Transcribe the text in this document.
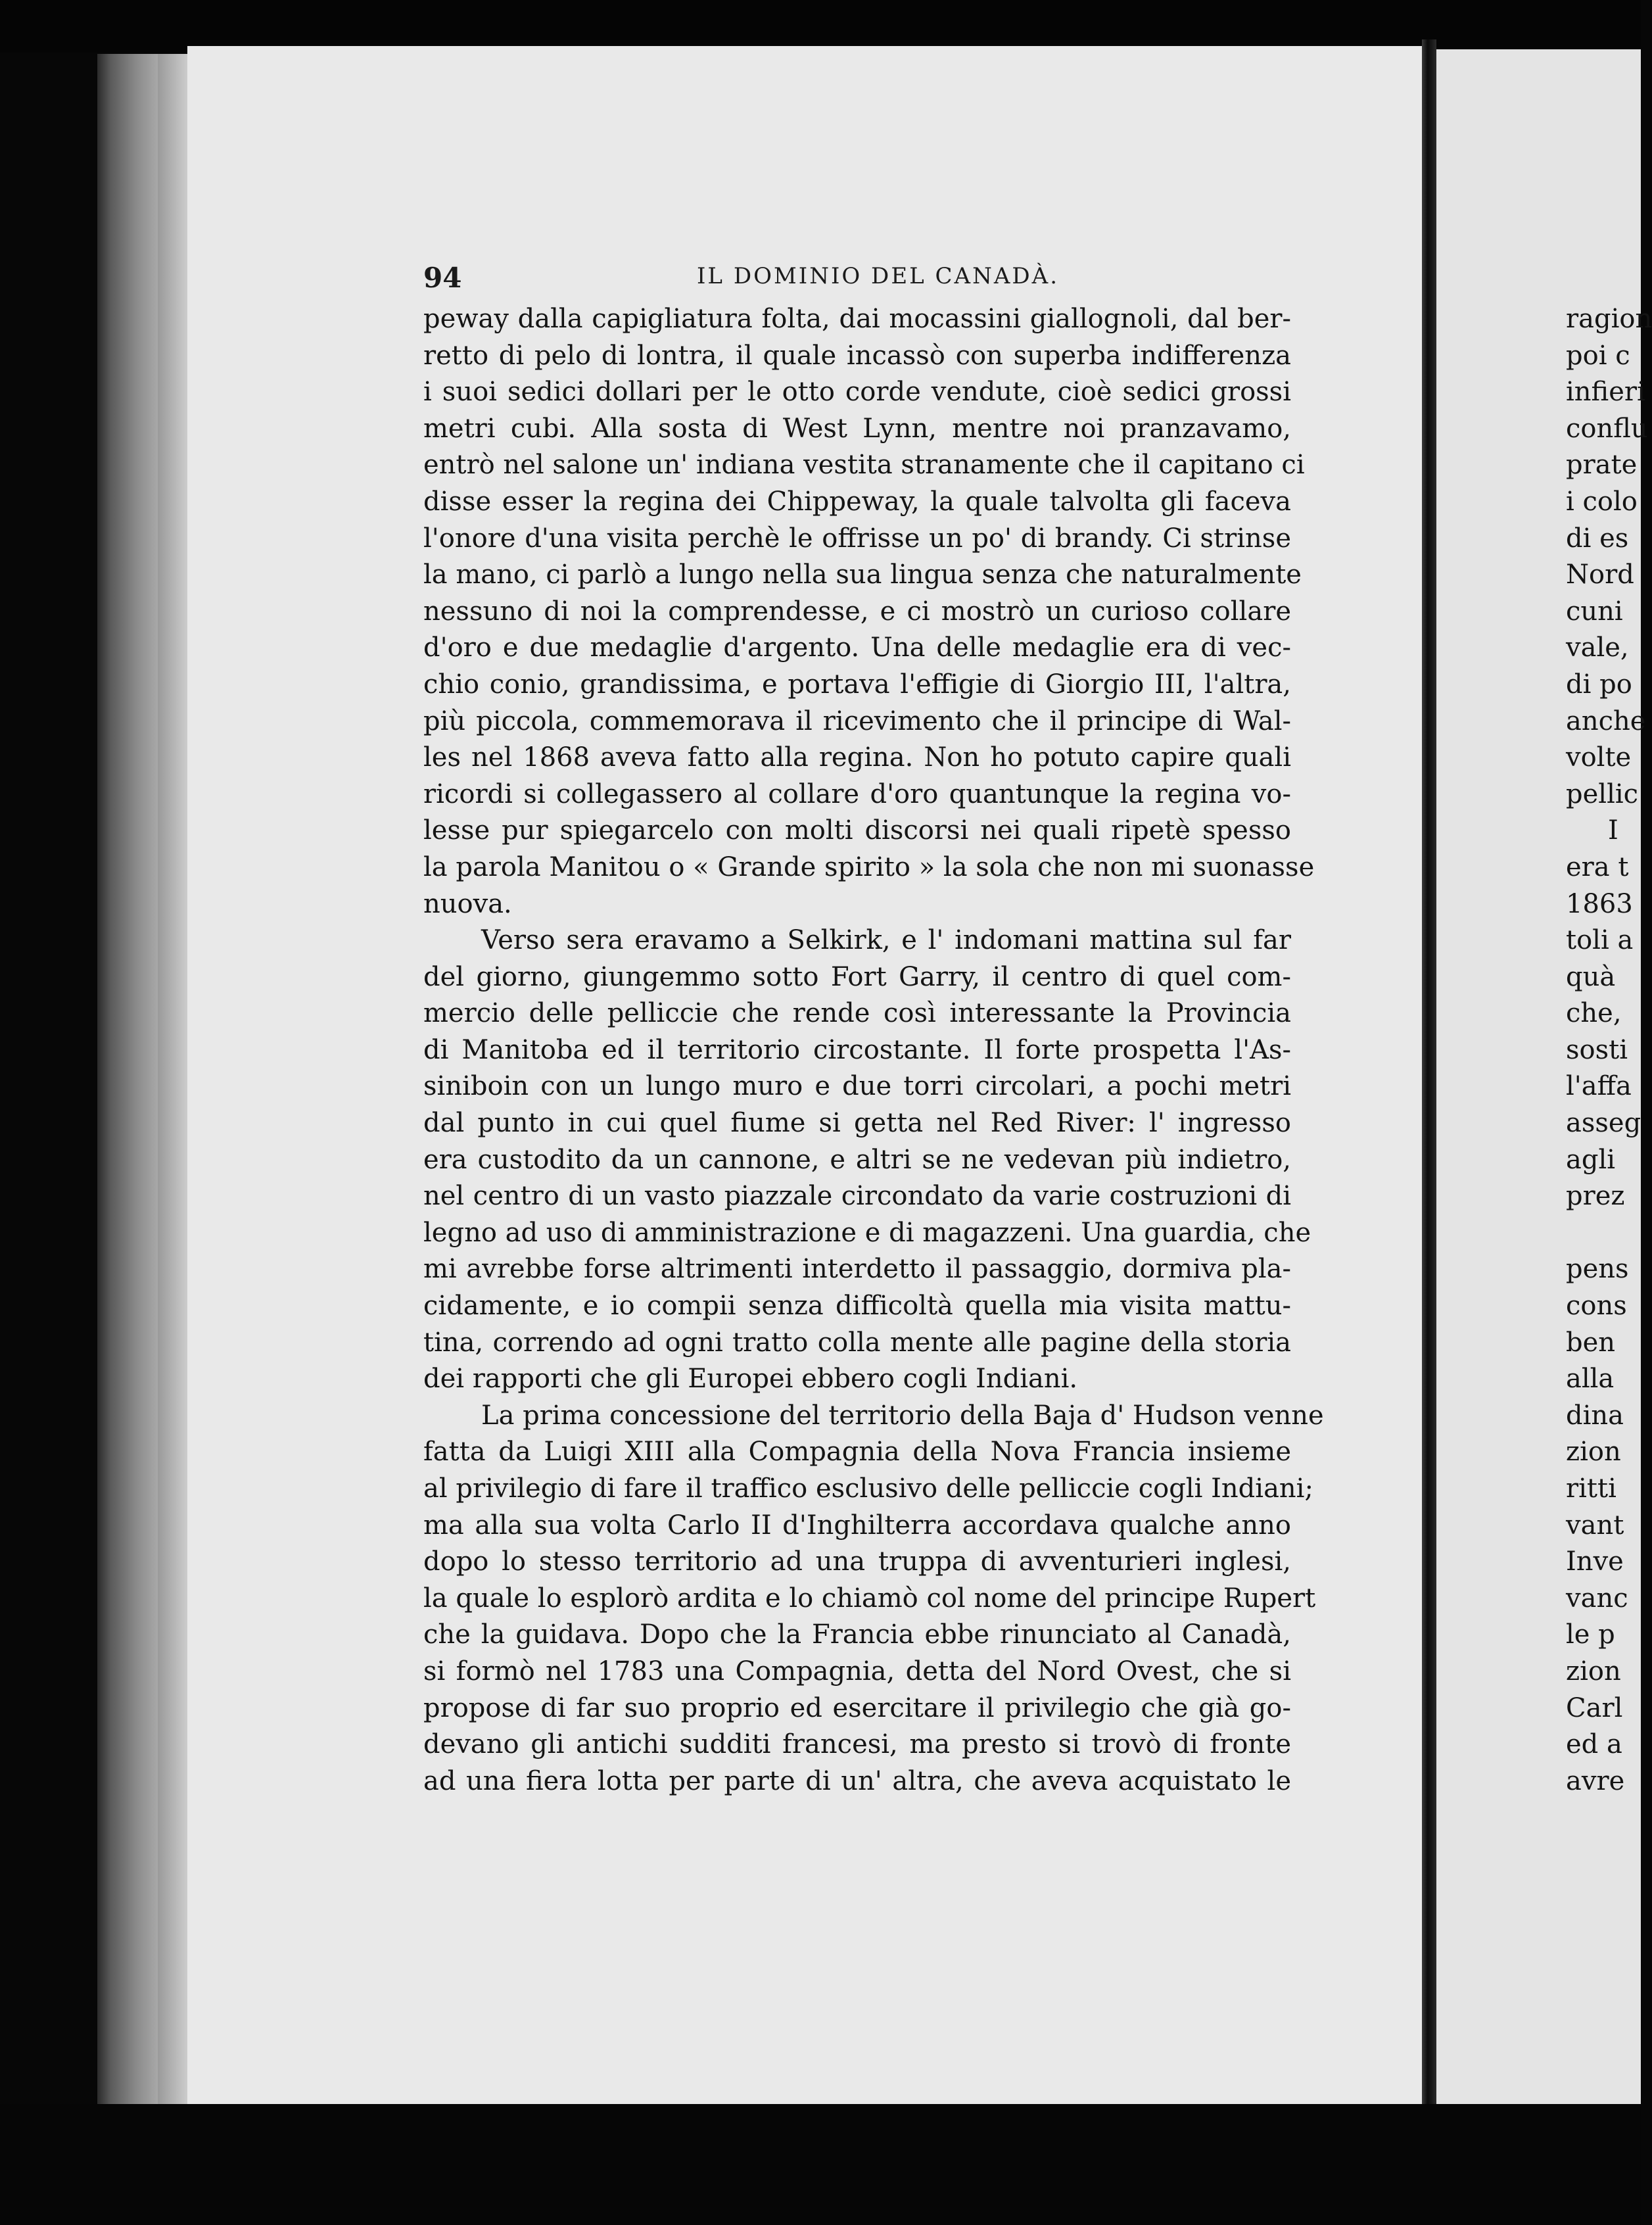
94	IL DOMINIO DEL CANADÀ.
peway dalla capigliatura folta, dai mocassini giallognoli, dal ber-
retto di pelo di lontra, il quale incassò con superba indifferenza
i suoi sedici dollari per le otto corde vendute, cioè sedici grossi
metri cubi. Alla sosta di West Lynn, mentre noi pranzavamo,
entrò nel salone un' indiana vestita stranamente che il capitano ci
disse esser la regina dei Chippeway, la quale talvolta gli faceva
l'onore d'una visita perchè le offrisse un po' di brandy. Ci strinse
la mano, ci parlò a lungo nella sua lingua senza che naturalmente
nessuno di noi la comprendesse, e ci mostrò un curioso collare
d'oro e due medaglie d'argento. Una delle medaglie era di vec-
chio conio, grandissima, e portava l'effigie di Giorgio III, l'altra,
più piccola, commemorava il ricevimento che il principe di Wal-
les nel 1868 aveva fatto alla regina. Non ho potuto capire quali
ricordi si collegassero al collare d'oro quantunque la regina vo-
lesse pur spiegarcelo con molti discorsi nei quali ripetè spesso
la parola Manitou o « Grande spirito » la sola che non mi suonasse
nuova.
Verso sera eravamo a Selkirk, e l' indomani mattina sul far
del giorno, giungemmo sotto Fort Garry, il centro di quel com-
mercio delle pelliccie che rende così interessante la Provincia
di Manitoba ed il territorio circostante. Il forte prospetta l'As-
siniboin con un lungo muro e due torri circolari, a pochi metri
dal punto in cui quel fiume si getta nel Red River: l' ingresso
era custodito da un cannone, e altri se ne vedevan più indietro,
nel centro di un vasto piazzale circondato da varie costruzioni di
legno ad uso di amministrazione e di magazzeni. Una guardia, che
mi avrebbe forse altrimenti interdetto il passaggio, dormiva pla-
cidamente, e io compii senza difficoltà quella mia visita mattu-
tina, correndo ad ogni tratto colla mente alle pagine della storia
dei rapporti che gli Europei ebbero cogli Indiani.
La prima concessione del territorio della Baja d' Hudson venne
fatta da Luigi XIII alla Compagnia della Nova Francia insieme
al privilegio di fare il traffico esclusivo delle pelliccie cogli Indiani;
ma alla sua volta Carlo II d'Inghilterra accordava qualche anno
dopo lo stesso territorio ad una truppa di avventurieri inglesi,
la quale lo esplorò ardita e lo chiamò col nome del principe Rupert
che la guidava. Dopo che la Francia ebbe rinunciato al Canadà,
si formò nel 1783 una Compagnia, detta del Nord Ovest, che si
propose di far suo proprio ed esercitare il privilegio che già go-
devano gli antichi sudditi francesi, ma presto si trovò di fronte
ad una fiera lotta per parte di un' altra, che aveva acquistato le
ragion
poi c
infieri
conflu
prate
i colo
di es
Nord
cuni
vale,
di po
anche
volte
pellic
I
era t
1863
toli a
quà
che,
sosti
l'affa
asseg
agli
prez
pens
cons
ben
alla
dina
zion
ritti
vant
Inve
vanc
le p
zion
Carl
ed a
avre
